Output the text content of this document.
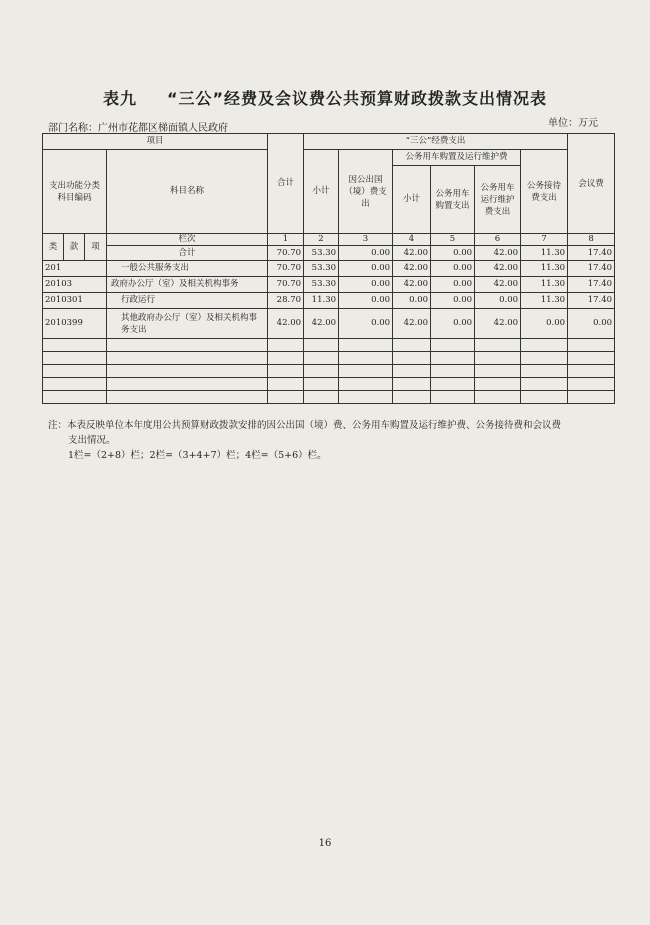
表九 “三公”经费及会议费公共预算财政拨款支出情况表
部门名称：广州市花都区梯面镇人民政府	单位：万元
项目				合计	“三公”经费支出						会议费
支出功能分类科目编码			科目名称		小计	因公出国（境）费支出	公务用车购置及运行维护费			公务接待费支出	
							小计	公务用车购置支出	公务用车运行维护费支出		

类	款	项	栏次	1	2	3	4	5	6	7	8
			合计	70.70	53.30	0.00	42.00	0.00	42.00	11.30	17.40
201			一般公共服务支出	70.70	53.30	0.00	42.00	0.00	42.00	11.30	17.40
20103			政府办公厅（室）及相关机构事务	70.70	53.30	0.00	42.00	0.00	42.00	11.30	17.40
2010301			行政运行	28.70	11.30	0.00	0.00	0.00	0.00	11.30	17.40
2010399			其他政府办公厅（室）及相关机构事务支出	42.00	42.00	0.00	42.00	0.00	42.00	0.00	0.00

注：本表反映单位本年度用公共预算财政拨款安排的因公出国（境）费、公务用车购置及运行维护费、公务接待费和会议费
支出情况。
1栏=（2+8）栏；2栏=（3+4+7）栏；4栏=（5+6）栏。
16
